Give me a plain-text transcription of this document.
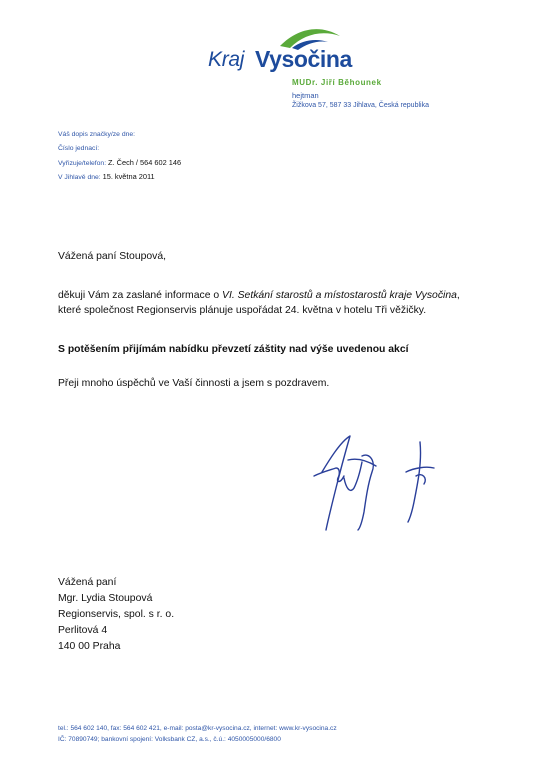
Kraj Vysočina
MUDr. Jiří Běhounek
hejtman
Žižkova 57, 587 33 Jihlava, Česká republika
Váš dopis značky/ze dne:
Číslo jednací:
Vyřizuje/telefon: Z. Čech / 564 602 146
V Jihlavě dne: 15. května 2011
Vážená paní Stoupová,
děkuji Vám za zaslané informace o VI. Setkání starostů a místostarostů kraje Vysočina,
které společnost Regionservis plánuje uspořádat 24. května v hotelu Tři věžičky.
S potěšením přijímám nabídku převzetí záštity nad výše uvedenou akcí
Přeji mnoho úspěchů ve Vaší činnosti a jsem s pozdravem.
Vážená paní
Mgr. Lydia Stoupová
Regionservis, spol. s r. o.
Perlitová 4
140 00 Praha
tel.: 564 602 140, fax: 564 602 421, e-mail: posta@kr-vysocina.cz, internet: www.kr-vysocina.cz
IČ: 70890749; bankovní spojení: Volksbank CZ, a.s., č.ú.: 4050005000/6800
